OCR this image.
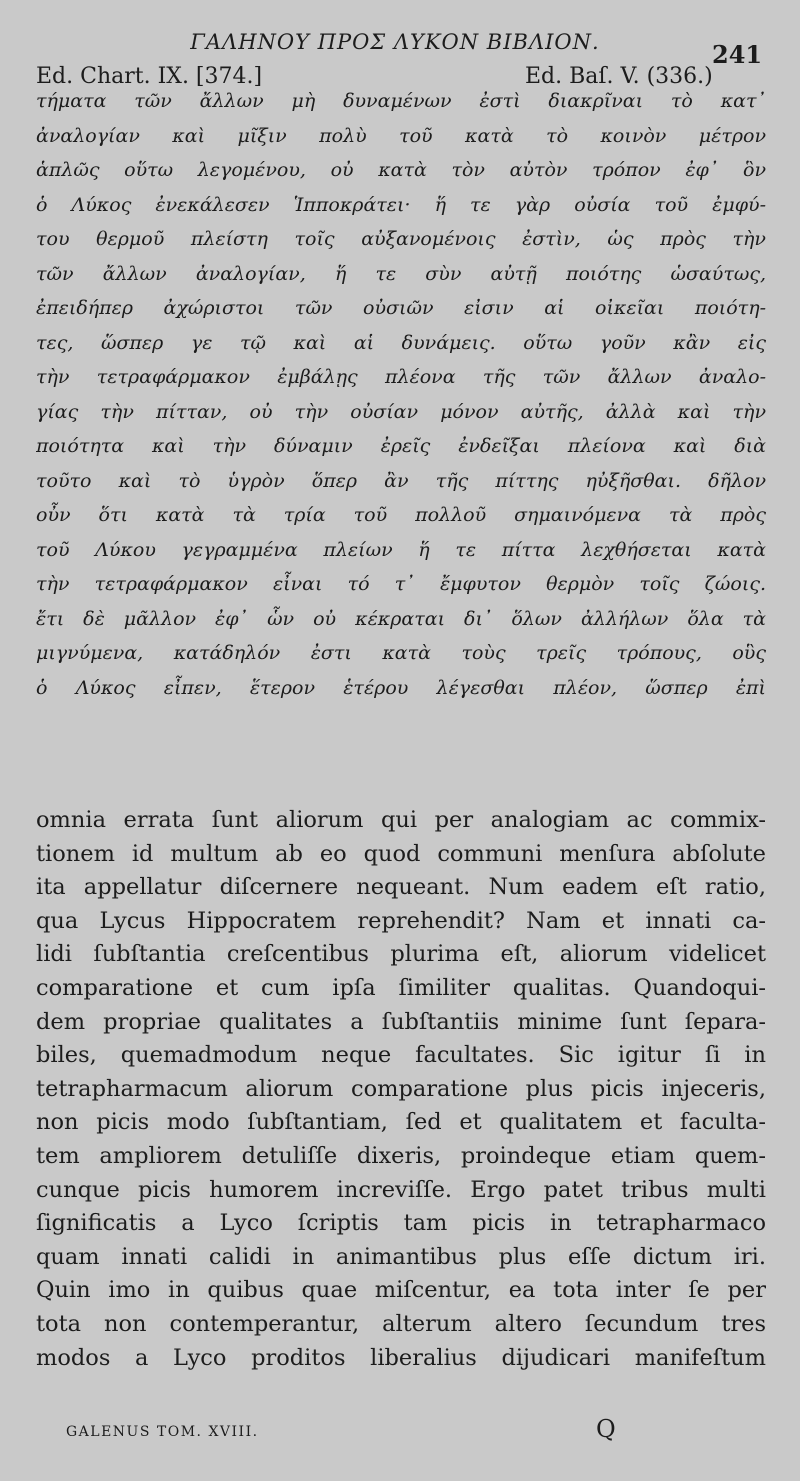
ΓΑΛΗΝΟΥ ΠΡΟΣ ΛΥΚΟΝ ΒΙΒΛΙΟΝ.	241
Ed. Chart. IX. [374.]	Ed. Baſ. V. (336.)
τήματα τῶν ἄλλων μὴ δυναμένων ἐστὶ διακρῖναι τὸ κατ᾽
ἀναλογίαν καὶ μῖξιν πολὺ τοῦ κατὰ τὸ κοινὸν μέτρον
ἁπλῶς οὕτω λεγομένου, οὐ κατὰ τὸν αὐτὸν τρόπον ἐφ᾽ ὃν
ὁ Λύκος ἐνεκάλεσεν Ἱπποκράτει· ἥ τε γὰρ οὐσία τοῦ ἐμφύ-
του θερμοῦ πλείστη τοῖς αὐξανομένοις ἐστὶν, ὡς πρὸς τὴν
τῶν ἄλλων ἀναλογίαν, ἥ τε σὺν αὐτῇ ποιότης ὡσαύτως,
ἐπειδήπερ ἀχώριστοι τῶν οὐσιῶν εἰσιν αἱ οἰκεῖαι ποιότη-
τες, ὥσπερ γε τῷ καὶ αἱ δυνάμεις. οὕτω γοῦν κἂν εἰς
τὴν τετραφάρμακον ἐμβάλῃς πλέονα τῆς τῶν ἄλλων ἀναλο-
γίας τὴν πίτταν, οὐ τὴν οὐσίαν μόνον αὐτῆς, ἀλλὰ καὶ τὴν
ποιότητα καὶ τὴν δύναμιν ἐρεῖς ἐνδεῖξαι πλείονα καὶ διὰ
τοῦτο καὶ τὸ ὑγρὸν ὅπερ ἂν τῆς πίττης ηὐξῆσθαι. δῆλον
οὖν ὅτι κατὰ τὰ τρία τοῦ πολλοῦ σημαινόμενα τὰ πρὸς
τοῦ Λύκου γεγραμμένα πλείων ἥ τε πίττα λεχθήσεται κατὰ
τὴν τετραφάρμακον εἶναι τό τ᾽ ἔμφυτον θερμὸν τοῖς ζώοις.
ἔτι δὲ μᾶλλον ἐφ᾽ ὧν οὐ κέκραται δι᾽ ὅλων ἀλλήλων ὅλα τὰ
μιγνύμενα, κατάδηλόν ἐστι κατὰ τοὺς τρεῖς τρόπους, οὓς
ὁ Λύκος εἶπεν, ἕτερον ἑτέρου λέγεσθαι πλέον, ὥσπερ ἐπὶ
omnia errata ſunt aliorum qui per analogiam ac commix-
tionem id multum ab eo quod communi menſura abſolute
ita appellatur diſcernere nequeant. Num eadem eſt ratio,
qua Lycus Hippocratem reprehendit? Nam et innati ca-
lidi ſubſtantia creſcentibus plurima eſt, aliorum videlicet
comparatione et cum ipſa ſimiliter qualitas. Quandoqui-
dem propriae qualitates a ſubſtantiis minime ſunt ſepara-
biles, quemadmodum neque facultates. Sic igitur ſi in
tetrapharmacum aliorum comparatione plus picis injeceris,
non picis modo ſubſtantiam, ſed et qualitatem et faculta-
tem ampliorem detuliſſe dixeris, proindeque etiam quem-
cunque picis humorem increviſſe. Ergo patet tribus multi
ſignificatis a Lyco ſcriptis tam picis in tetrapharmaco
quam innati calidi in animantibus plus eſſe dictum iri.
Quin imo in quibus quae miſcentur, ea tota inter ſe per
tota non contemperantur, alterum altero ſecundum tres
modos a Lyco proditos liberalius dijudicari manifeſtum
GALENUS TOM. XVIII.	Q
